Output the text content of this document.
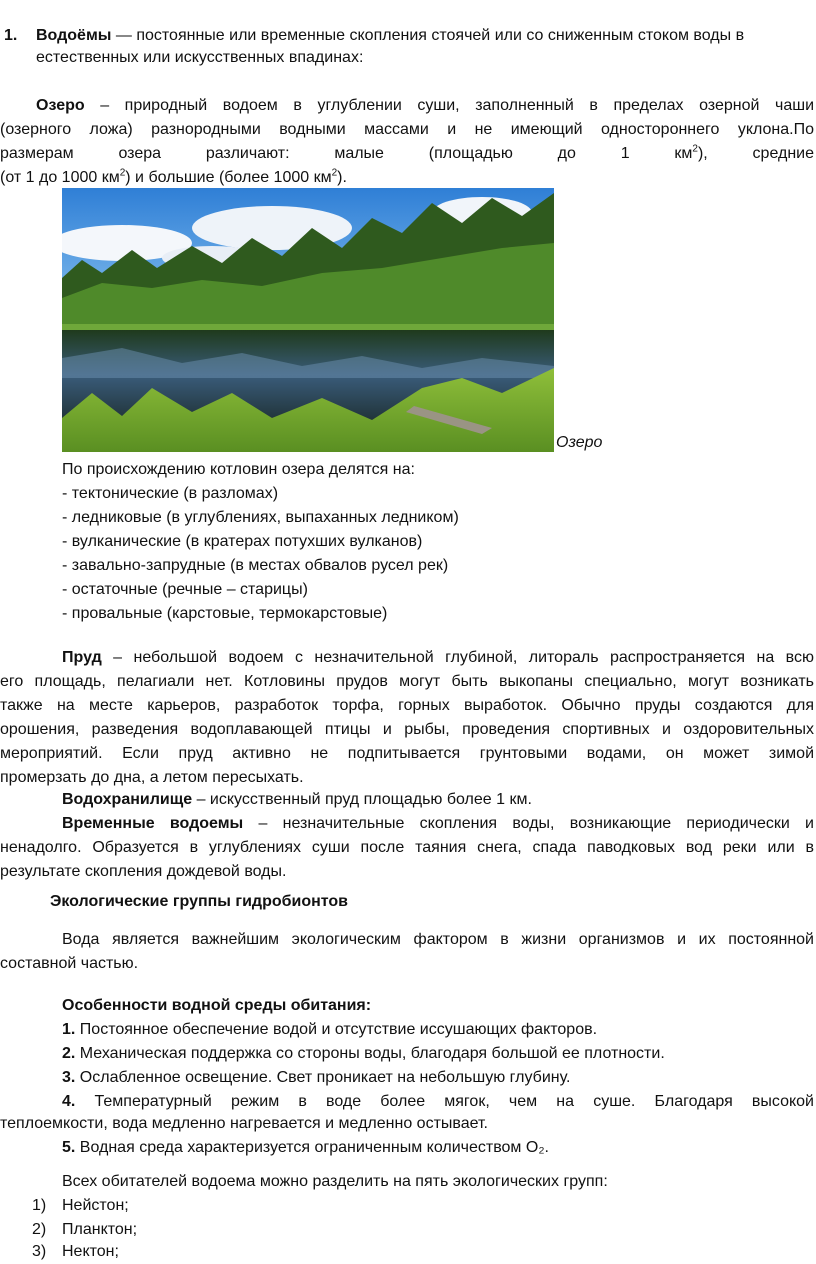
1. Водоёмы — постоянные или временные скопления стоячей или со сниженным стоком воды в
естественных или искусственных впадинах:
Озеро – природный водоем в углублении суши, заполненный в пределах озерной чаши
(озерного ложа) разнородными водными массами и не имеющий одностороннего уклона.По
размерам озера различают: малые (площадью до 1 $км^2$), средние
(от 1 до 1000 $км^2$) и большие (более 1000 $км^2$).
Озеро
По происхождению котловин озера делятся на:
- тектонические (в разломах)
- ледниковые (в углублениях, выпаханных ледником)
- вулканические (в кратерах потухших вулканов)
- завально-запрудные (в местах обвалов русел рек)
- остаточные (речные – старицы)
- провальные (карстовые, термокарстовые)
Пруд – небольшой водоем с незначительной глубиной, литораль распространяется на всю
его площадь, пелагиали нет. Котловины прудов могут быть выкопаны специально, могут возникать
также на месте карьеров, разработок торфа, горных выработок. Обычно пруды создаются для
орошения, разведения водоплавающей птицы и рыбы, проведения спортивных и оздоровительных
мероприятий. Если пруд активно не подпитывается грунтовыми водами, он может зимой
промерзать до дна, а летом пересыхать.
Водохранилище – искусственный пруд площадью более 1 км.
Временные водоемы – незначительные скопления воды, возникающие периодически и
ненадолго. Образуется в углублениях суши после таяния снега, спада паводковых вод реки или в
результате скопления дождевой воды.
Экологические группы гидробионтов
Вода является важнейшим экологическим фактором в жизни организмов и их постоянной
составной частью.
Особенности водной среды обитания:
1. Постоянное обеспечение водой и отсутствие иссушающих факторов.
2. Механическая поддержка со стороны воды, благодаря большой ее плотности.
3. Ослабленное освещение. Свет проникает на небольшую глубину.
4. Температурный режим в воде более мягок, чем на суше. Благодаря высокой
теплоемкости, вода медленно нагревается и медленно остывает.
5. Водная среда характеризуется ограниченным количеством О₂.
Всех обитателей водоема можно разделить на пять экологических групп:
1) Нейстон;
2) Планктон;
3) Нектон;
